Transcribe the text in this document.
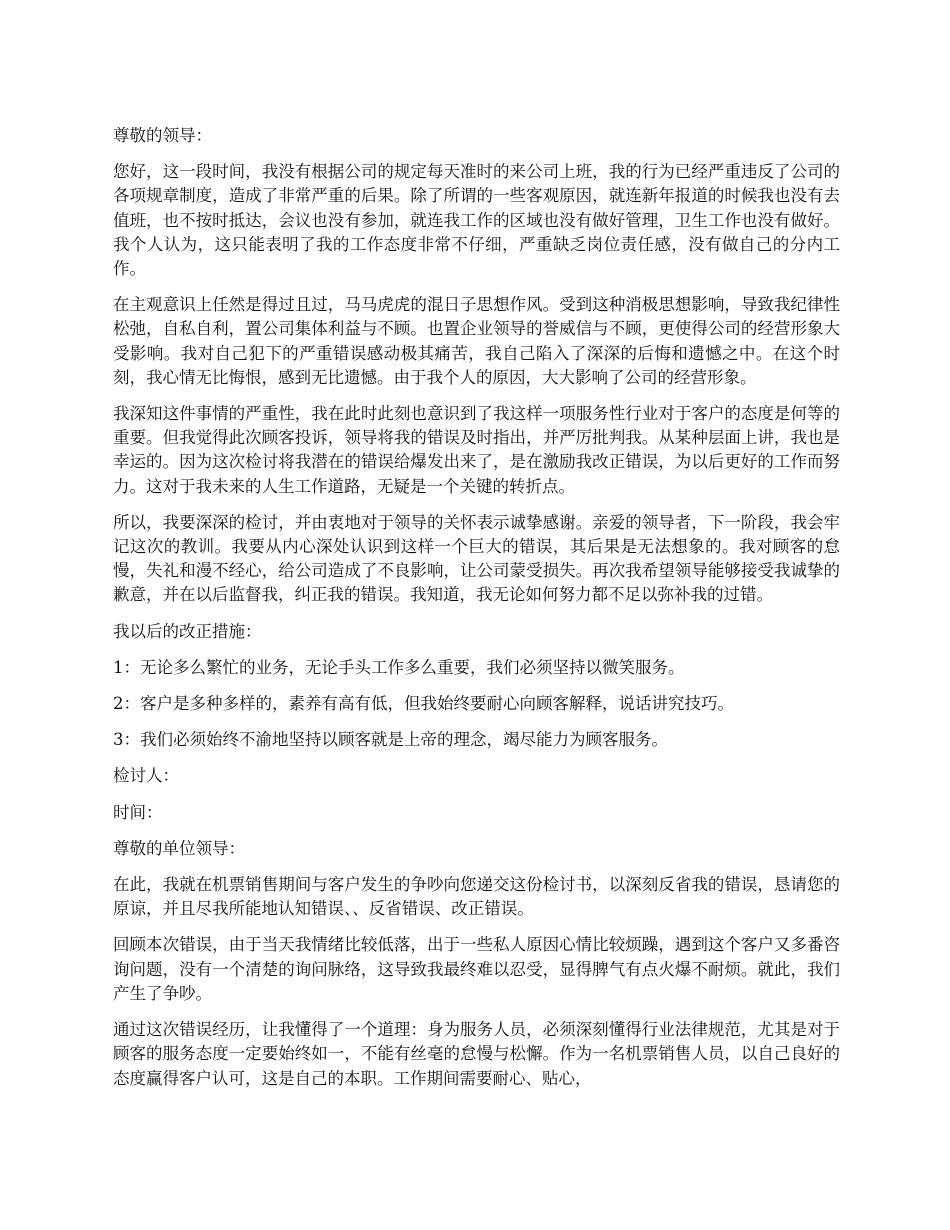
尊敬的领导：

您好，这一段时间，我没有根据公司的规定每天准时的来公司上班，我的行为已经严重违反了公司的各项规章制度，造成了非常严重的后果。除了所谓的一些客观原因，就连新年报道的时候我也没有去值班，也不按时抵达，会议也没有参加，就连我工作的区域也没有做好管理，卫生工作也没有做好。我个人认为，这只能表明了我的工作态度非常不仔细，严重缺乏岗位责任感，没有做自己的分内工作。

在主观意识上任然是得过且过，马马虎虎的混日子思想作风。受到这种消极思想影响，导致我纪律性松弛，自私自利，置公司集体利益与不顾。也置企业领导的誉威信与不顾，更使得公司的经营形象大受影响。我对自己犯下的严重错误感动极其痛苦，我自己陷入了深深的后悔和遗憾之中。在这个时刻，我心情无比悔恨，感到无比遗憾。由于我个人的原因，大大影响了公司的经营形象。

我深知这件事情的严重性，我在此时此刻也意识到了我这样一项服务性行业对于客户的态度是何等的重要。但我觉得此次顾客投诉，领导将我的错误及时指出，并严厉批判我。从某种层面上讲，我也是幸运的。因为这次检讨将我潜在的错误给爆发出来了，是在激励我改正错误，为以后更好的工作而努力。这对于我未来的人生工作道路，无疑是一个关键的转折点。

所以，我要深深的检讨，并由衷地对于领导的关怀表示诚挚感谢。亲爱的领导者，下一阶段，我会牢记这次的教训。我要从内心深处认识到这样一个巨大的错误，其后果是无法想象的。我对顾客的怠慢，失礼和漫不经心，给公司造成了不良影响，让公司蒙受损失。再次我希望领导能够接受我诚挚的歉意，并在以后监督我，纠正我的错误。我知道，我无论如何努力都不足以弥补我的过错。

我以后的改正措施：

1：无论多么繁忙的业务，无论手头工作多么重要，我们必须坚持以微笑服务。

2：客户是多种多样的，素养有高有低，但我始终要耐心向顾客解释，说话讲究技巧。

3：我们必须始终不渝地坚持以顾客就是上帝的理念，竭尽能力为顾客服务。

检讨人：

时间：

尊敬的单位领导：

在此，我就在机票销售期间与客户发生的争吵向您递交这份检讨书，以深刻反省我的错误，恳请您的原谅，并且尽我所能地认知错误、、反省错误、改正错误。

回顾本次错误，由于当天我情绪比较低落，出于一些私人原因心情比较烦躁，遇到这个客户又多番咨询问题，没有一个清楚的询问脉络，这导致我最终难以忍受，显得脾气有点火爆不耐烦。就此，我们产生了争吵。

通过这次错误经历，让我懂得了一个道理：身为服务人员，必须深刻懂得行业法律规范，尤其是对于顾客的服务态度一定要始终如一，不能有丝毫的怠慢与松懈。作为一名机票销售人员，以自己良好的态度赢得客户认可，这是自己的本职。工作期间需要耐心、贴心，
